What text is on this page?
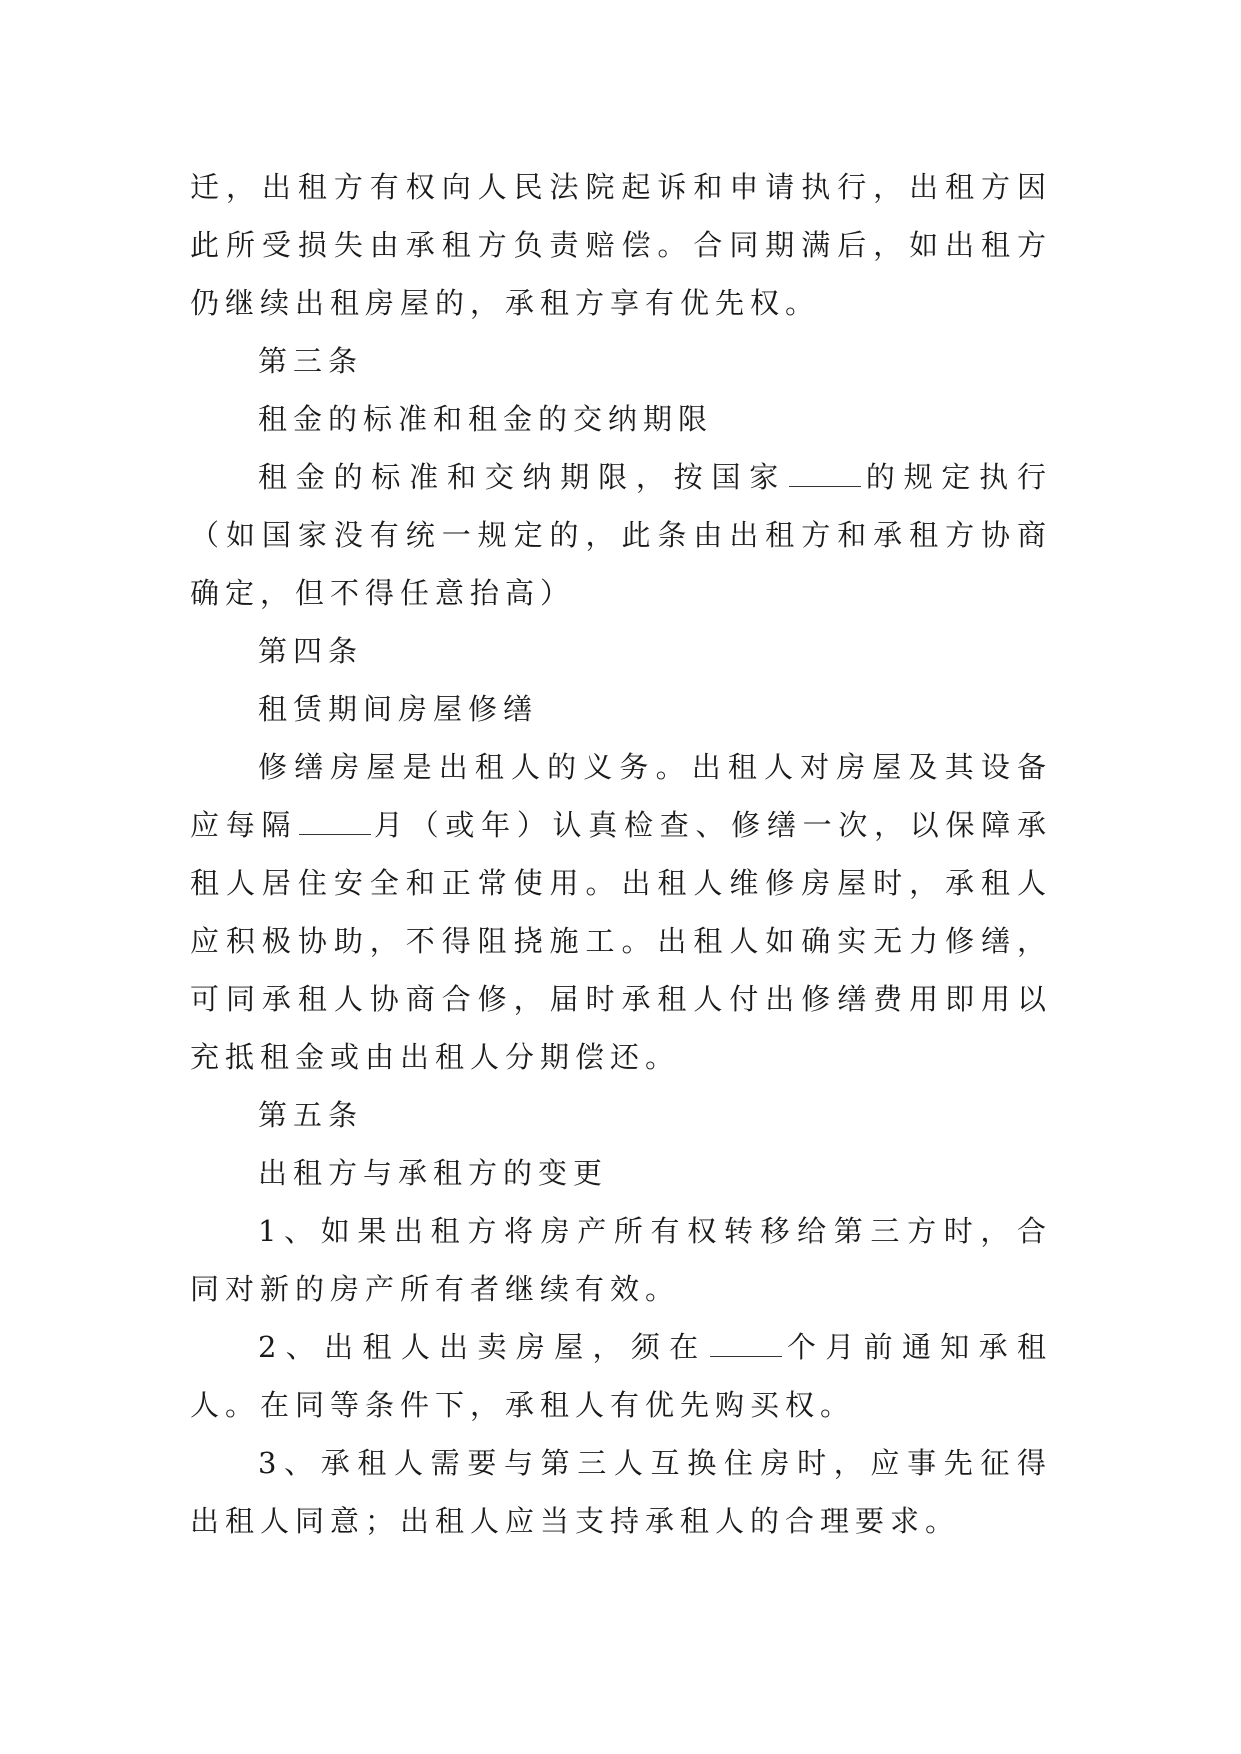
迁，出租方有权向人民法院起诉和申请执行，出租方因此所受损失由承租方负责赔偿。合同期满后，如出租方仍继续出租房屋的，承租方享有优先权。

第三条

租金的标准和租金的交纳期限

租金的标准和交纳期限，按国家	的规定执行（如国家没有统一规定的，此条由出租方和承租方协商确定，但不得任意抬高）

第四条

租赁期间房屋修缮

修缮房屋是出租人的义务。出租人对房屋及其设备应每隔	月（或年）认真检查、修缮一次，以保障承租人居住安全和正常使用。出租人维修房屋时，承租人应积极协助，不得阻挠施工。出租人如确实无力修缮，可同承租人协商合修，届时承租人付出修缮费用即用以充抵租金或由出租人分期偿还。

第五条

出租方与承租方的变更

1、如果出租方将房产所有权转移给第三方时，合同对新的房产所有者继续有效。

2、出租人出卖房屋，须在	个月前通知承租人。在同等条件下，承租人有优先购买权。

3、承租人需要与第三人互换住房时，应事先征得出租人同意；出租人应当支持承租人的合理要求。
